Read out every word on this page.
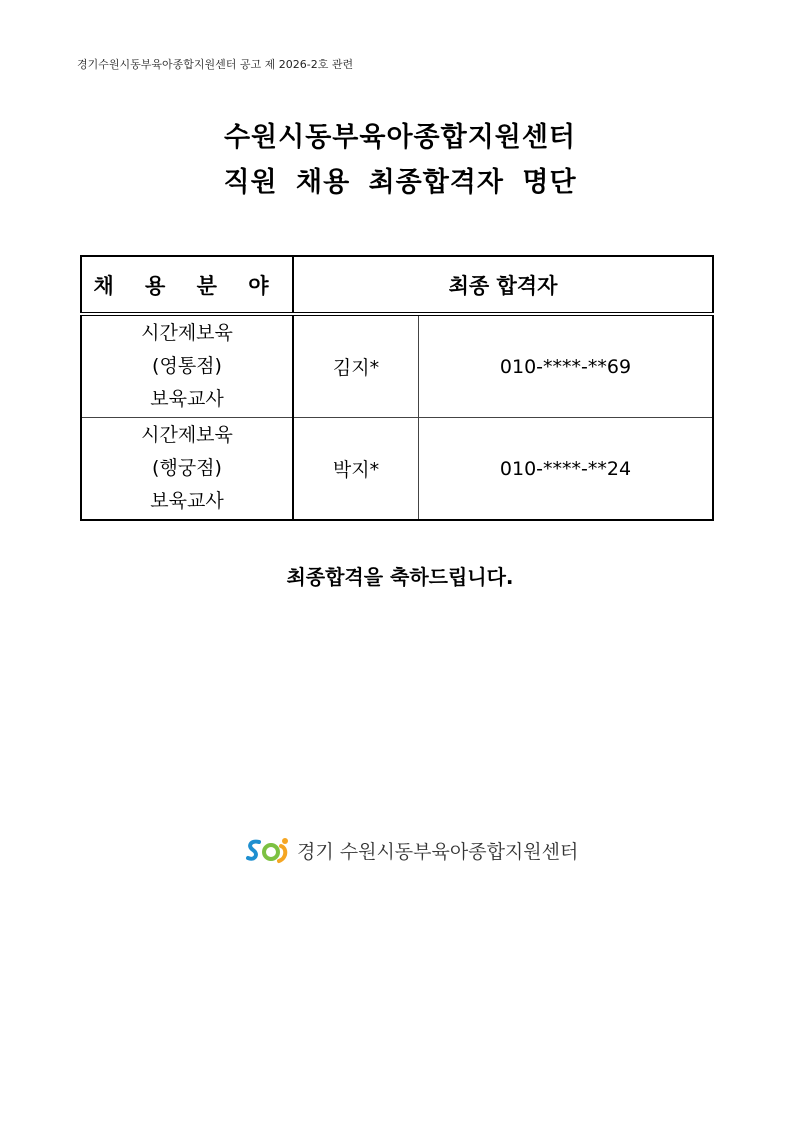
경기수원시동부육아종합지원센터 공고 제 2026-2호 관련
수원시동부육아종합지원센터
직원 채용 최종합격자 명단
채 용 분 야	최종 합격자	

시간제보육
(영통점)
보육교사	김지*	010-****-**69

시간제보육
(행궁점)
보육교사	박지*	010-****-**24
최종합격을 축하드립니다.
경기 수원시동부육아종합지원센터
